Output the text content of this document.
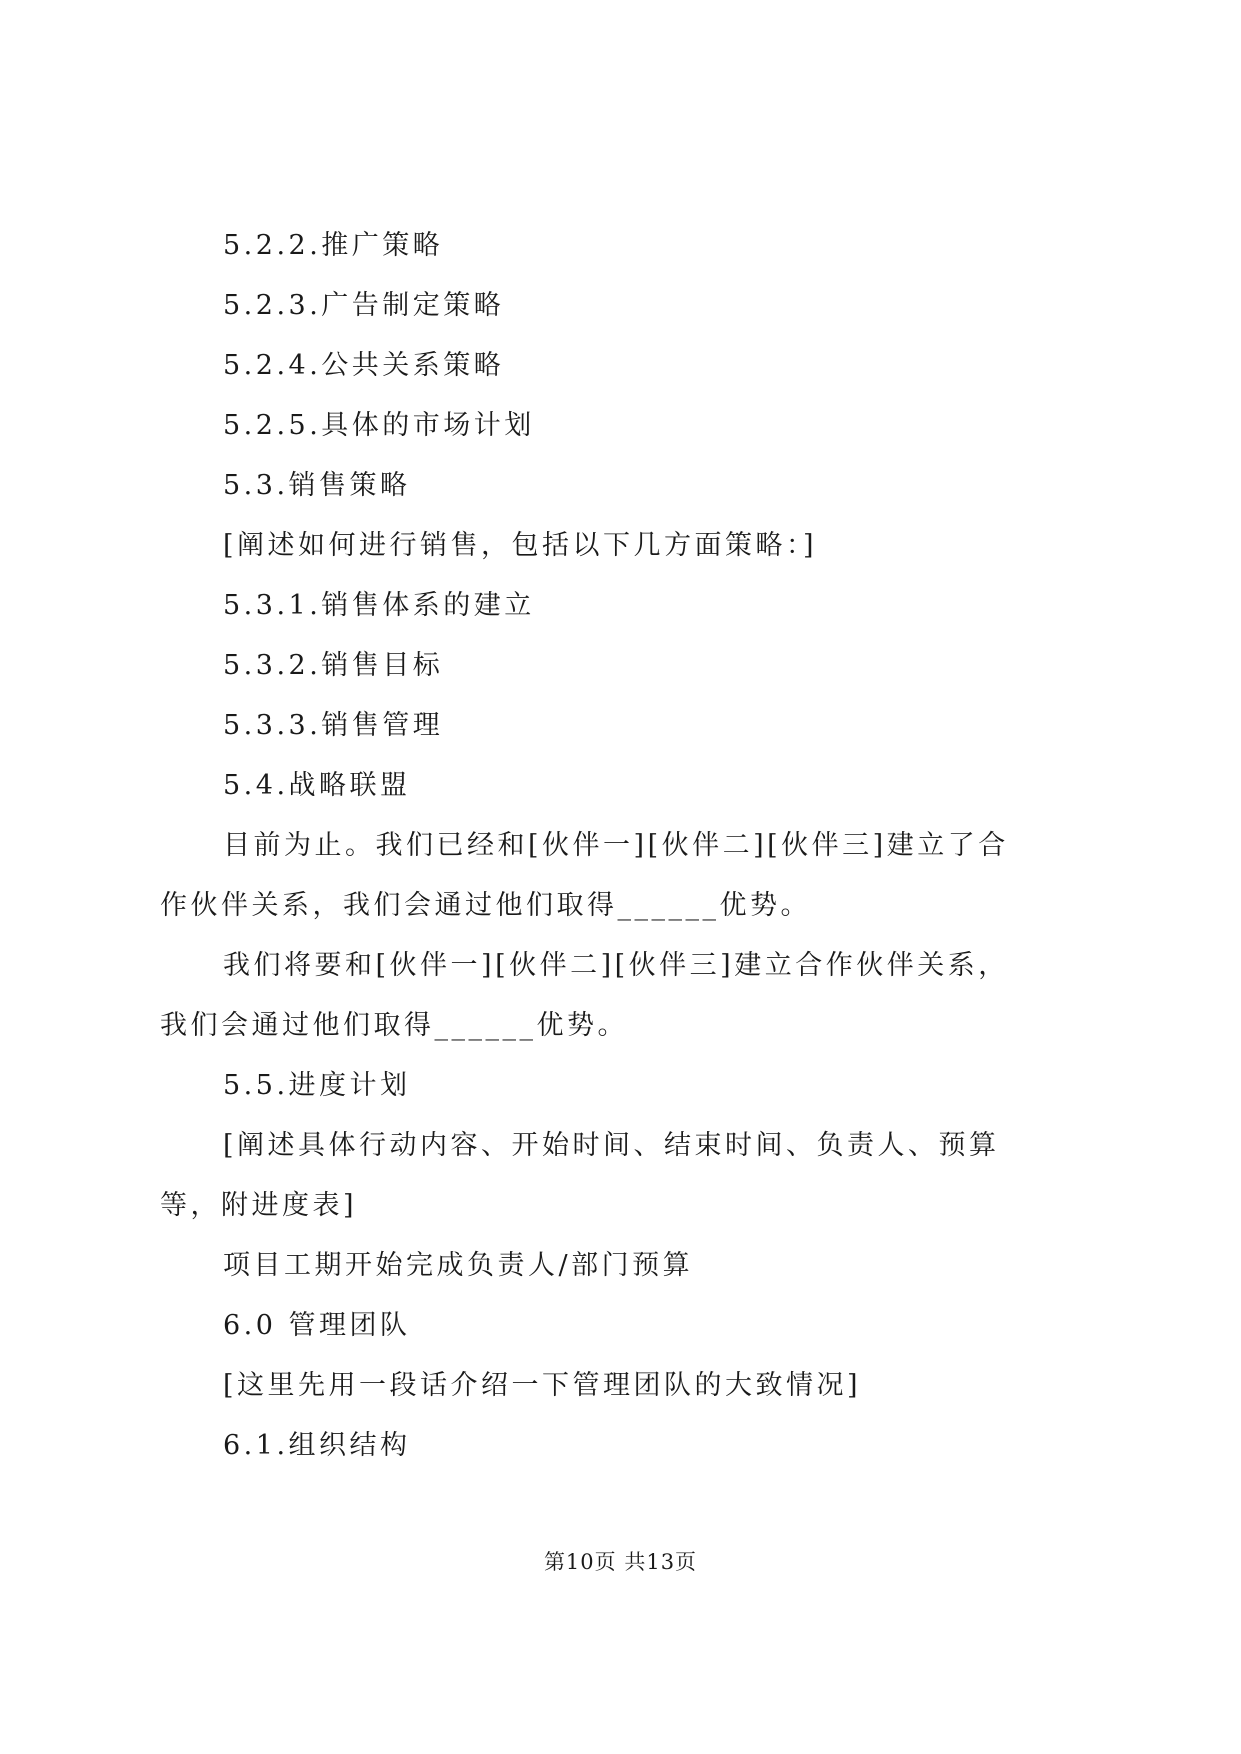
5.2.2.推广策略
5.2.3.广告制定策略
5.2.4.公共关系策略
5.2.5.具体的市场计划
5.3.销售策略
[阐述如何进行销售，包括以下几方面策略：]
5.3.1.销售体系的建立
5.3.2.销售目标
5.3.3.销售管理
5.4.战略联盟
目前为止。我们已经和[伙伴一][伙伴二][伙伴三]建立了合
作伙伴关系，我们会通过他们取得______优势。
我们将要和[伙伴一][伙伴二][伙伴三]建立合作伙伴关系，
我们会通过他们取得______优势。
5.5.进度计划
[阐述具体行动内容、开始时间、结束时间、负责人、预算
等，附进度表]
项目工期开始完成负责人/部门预算
6.0 管理团队
[这里先用一段话介绍一下管理团队的大致情况]
6.1.组织结构
第10页 共13页
